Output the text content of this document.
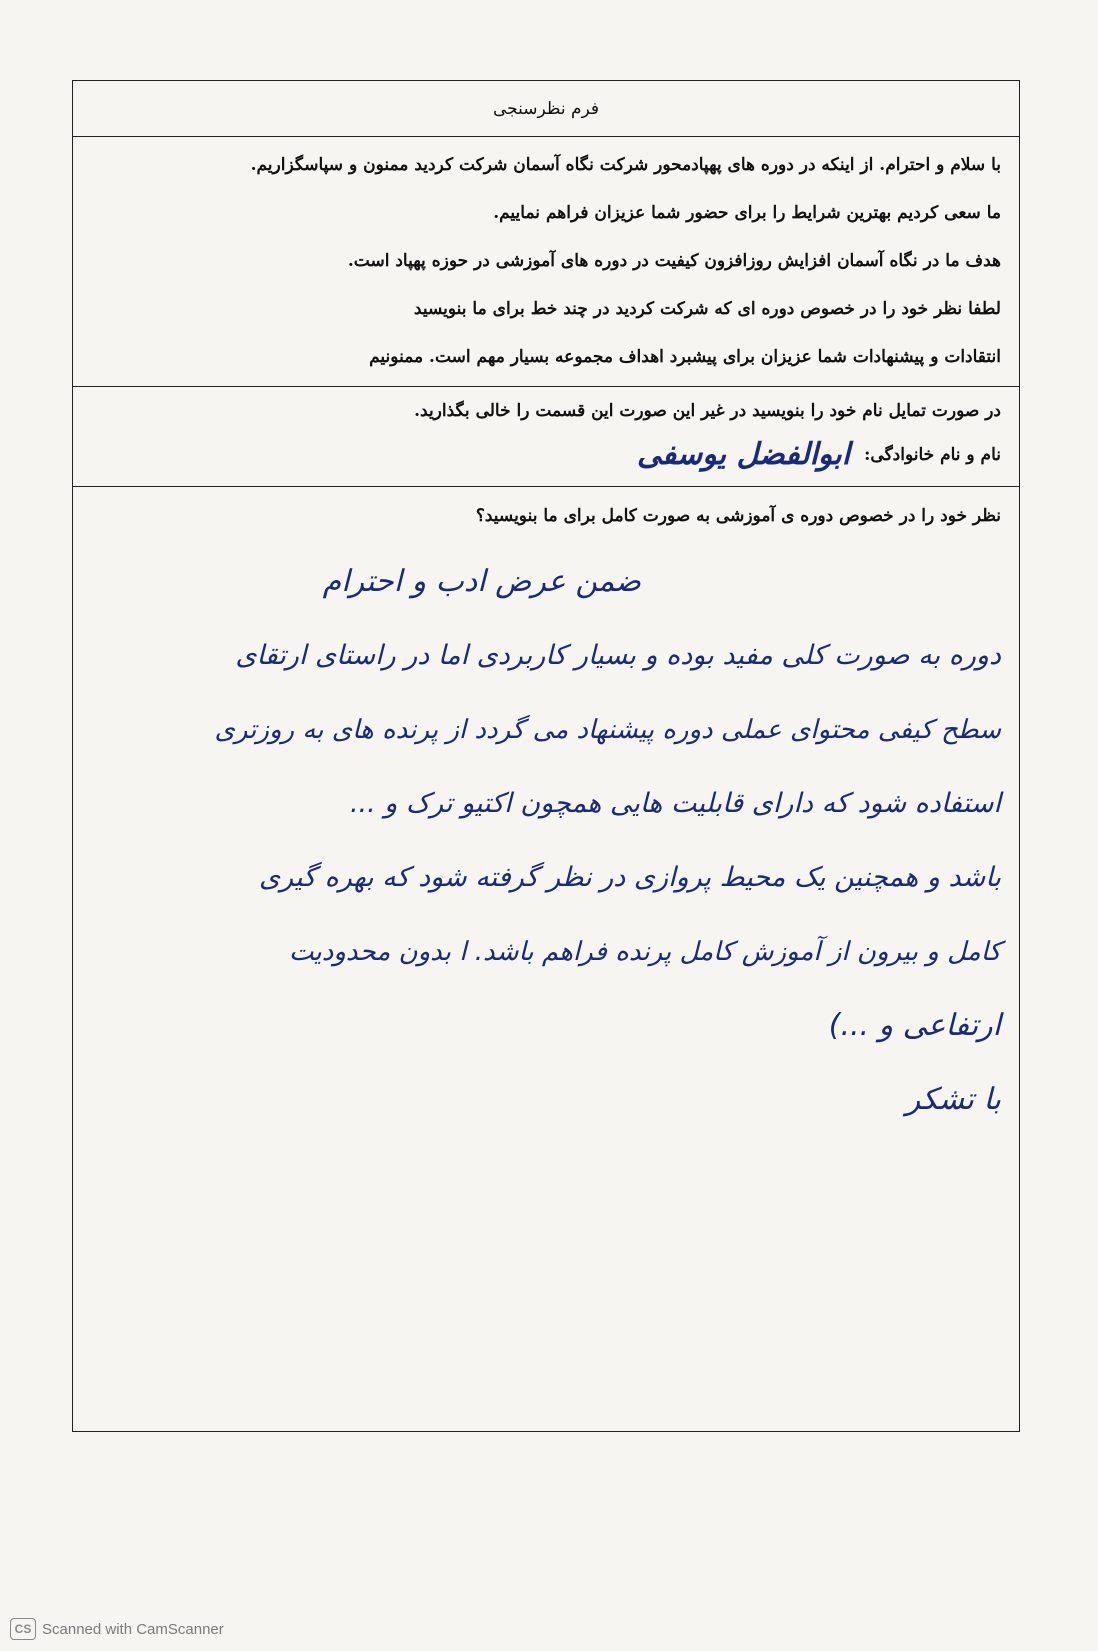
فرم نظرسنجی
با سلام و احترام. از اینکه در دوره های پهپادمحور شرکت نگاه آسمان شرکت کردید ممنون و سپاسگزاریم.
ما سعی کردیم بهترین شرایط را برای حضور شما عزیزان فراهم نماییم.
هدف ما در نگاه آسمان افزایش روزافزون کیفیت در دوره های آموزشی در حوزه پهپاد است.
لطفا نظر خود را در خصوص دوره ای که شرکت کردید در چند خط برای ما بنویسید
انتقادات و پیشنهادات شما عزیزان برای پیشبرد اهداف مجموعه بسیار مهم است. ممنونیم
در صورت تمایل نام خود را بنویسید در غیر این صورت این قسمت را خالی بگذارید.
نام و نام خانوادگی:
ابوالفضل یوسفی
نظر خود را در خصوص دوره ی آموزشی به صورت کامل برای ما بنویسید؟
ضمن عرض ادب و احترام
دوره به صورت کلی مفید بوده و بسیار کاربردی اما در راستای ارتقای
سطح کیفی محتوای عملی دوره پیشنهاد می گردد از پرنده های به روزتری
استفاده شود که دارای قابلیت هایی همچون اکتیو ترک و ...
باشد و همچنین یک محیط پروازی در نظر گرفته شود که بهره گیری
کامل و بیرون از آموزش کامل پرنده فراهم باشد. ا بدون محدودیت
ارتفاعی و ...)
با تشکر
CS Scanned with CamScanner
